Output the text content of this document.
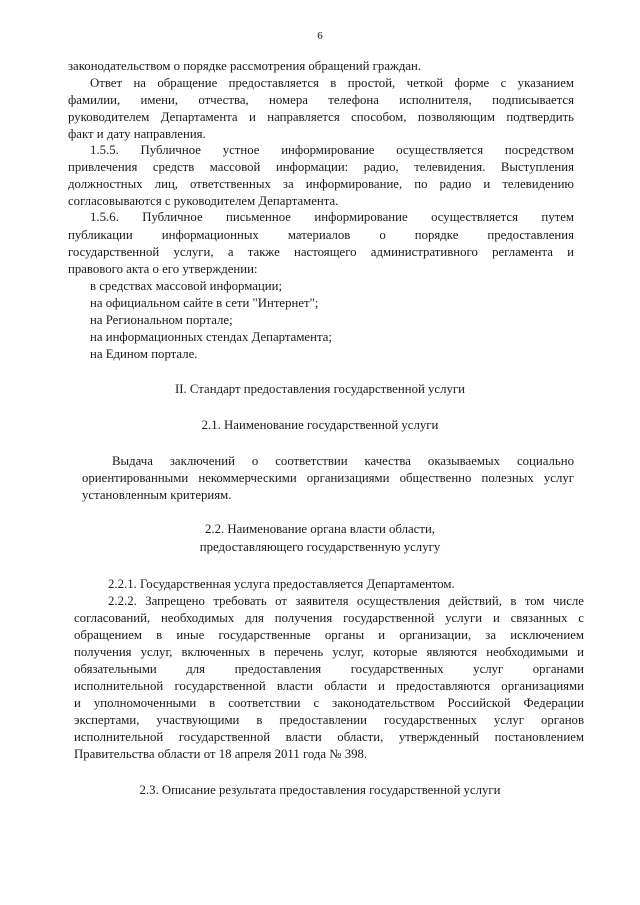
6
законодательством о порядке рассмотрения обращений граждан.
Ответ на обращение предоставляется в простой, четкой форме с указанием
фамилии, имени, отчества, номера телефона исполнителя, подписывается
руководителем Департамента и направляется способом, позволяющим подтвердить
факт и дату направления.
1.5.5. Публичное устное информирование осуществляется посредством
привлечения средств массовой информации: радио, телевидения. Выступления
должностных лиц, ответственных за информирование, по радио и телевидению
согласовываются с руководителем Департамента.
1.5.6. Публичное письменное информирование осуществляется путем
публикации информационных материалов о порядке предоставления
государственной услуги, а также настоящего административного регламента и
правового акта о его утверждении:
в средствах массовой информации;
на официальном сайте в сети "Интернет";
на Региональном портале;
на информационных стендах Департамента;
на Едином портале.
II. Стандарт предоставления государственной услуги
2.1. Наименование государственной услуги
Выдача заключений о соответствии качества оказываемых социально
ориентированными некоммерческими организациями общественно полезных услуг
установленным критериям.
2.2. Наименование органа власти области,
предоставляющего государственную услугу
2.2.1. Государственная услуга предоставляется Департаментом.
2.2.2. Запрещено требовать от заявителя осуществления действий, в том числе
согласований, необходимых для получения государственной услуги и связанных с
обращением в иные государственные органы и организации, за исключением
получения услуг, включенных в перечень услуг, которые являются необходимыми и
обязательными для предоставления государственных услуг органами
исполнительной государственной власти области и предоставляются организациями
и уполномоченными в соответствии с законодательством Российской Федерации
экспертами, участвующими в предоставлении государственных услуг органов
исполнительной государственной власти области, утвержденный постановлением
Правительства области от 18 апреля 2011 года № 398.
2.3. Описание результата предоставления государственной услуги
